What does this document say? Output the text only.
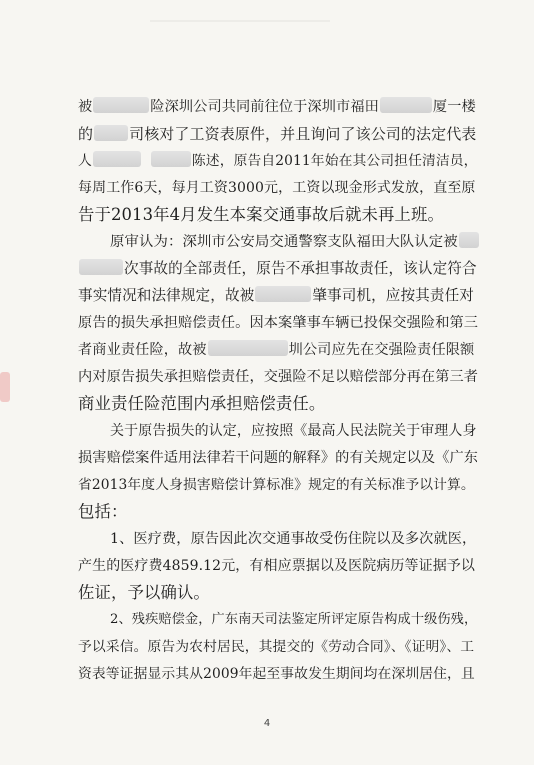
被	险深圳公司共同前往位于深圳市福田	厦一楼
的 司核对了工资表原件，并且询问了该公司的法定代表
人	陈述，原告自2011年始在其公司担任清洁员，
每周工作6天，每月工资3000元，工资以现金形式发放，直至原
告于2013年4月发生本案交通事故后就未再上班。
原审认为：深圳市公安局交通警察支队福田大队认定被
次事故的全部责任，原告不承担事故责任，该认定符合
事实情况和法律规定，故被	肇事司机，应按其责任对
原告的损失承担赔偿责任。因本案肇事车辆已投保交强险和第三
者商业责任险，故被	圳公司应先在交强险责任限额
内对原告损失承担赔偿责任，交强险不足以赔偿部分再在第三者
商业责任险范围内承担赔偿责任。
关于原告损失的认定，应按照《最高人民法院关于审理人身
损害赔偿案件适用法律若干问题的解释》的有关规定以及《广东
省2013年度人身损害赔偿计算标准》规定的有关标准予以计算。
包括：
1、医疗费，原告因此次交通事故受伤住院以及多次就医，
产生的医疗费4859.12元，有相应票据以及医院病历等证据予以
佐证，予以确认。
2、残疾赔偿金，广东南天司法鉴定所评定原告构成十级伤残，
予以采信。原告为农村居民，其提交的《劳动合同》、《证明》、工
资表等证据显示其从2009年起至事故发生期间均在深圳居住，且
4
